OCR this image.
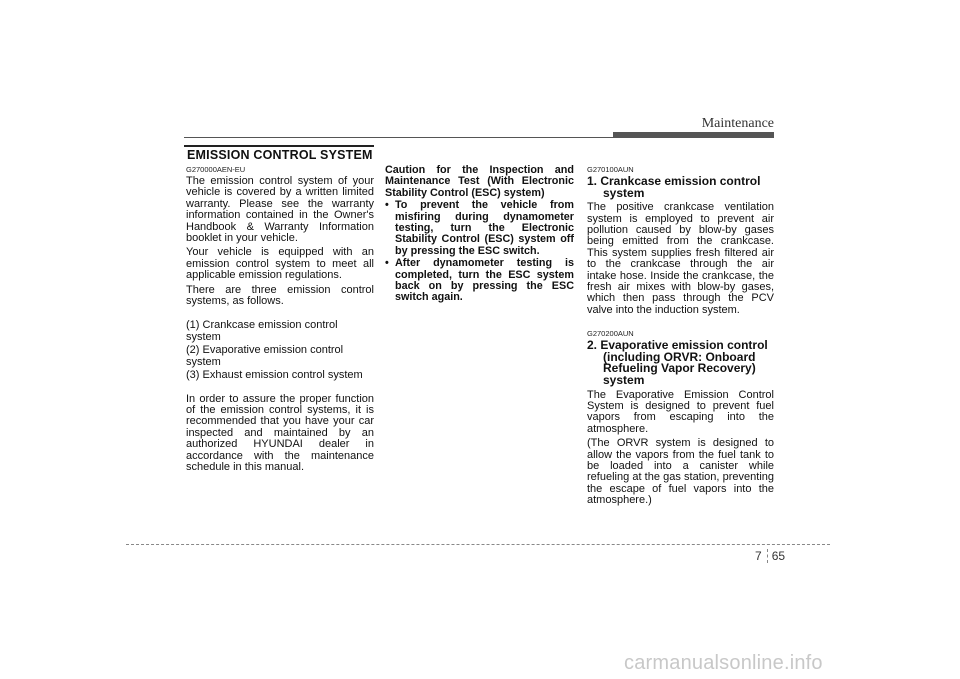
Maintenance
EMISSION CONTROL SYSTEM
G270000AEN-EU

The emission control system of your vehicle is covered by a written limited warranty. Please see the warranty information contained in the Owner's Handbook & Warranty Information booklet in your vehicle.

Your vehicle is equipped with an emission control system to meet all applicable emission regulations.

There are three emission control systems, as follows.

(1) Crankcase emission control system
(2) Evaporative emission control system
(3) Exhaust emission control system

In order to assure the proper function of the emission control systems, it is recommended that you have your car inspected and maintained by an authorized HYUNDAI dealer in accordance with the maintenance schedule in this manual.

Caution for the Inspection and Maintenance Test (With Electronic Stability Control (ESC) system)
• To prevent the vehicle from misfiring during dynamometer testing, turn the Electronic Stability Control (ESC) system off by pressing the ESC switch.
• After dynamometer testing is completed, turn the ESC system back on by pressing the ESC switch again.
G270100AUN
1. Crankcase emission control system

The positive crankcase ventilation system is employed to prevent air pollution caused by blow-by gases being emitted from the crankcase. This system supplies fresh filtered air to the crankcase through the air intake hose. Inside the crankcase, the fresh air mixes with blow-by gases, which then pass through the PCV valve into the induction system.

G270200AUN
2. Evaporative emission control (including ORVR: Onboard Refueling Vapor Recovery) system

The Evaporative Emission Control System is designed to prevent fuel vapors from escaping into the atmosphere.

(The ORVR system is designed to allow the vapors from the fuel tank to be loaded into a canister while refueling at the gas station, preventing the escape of fuel vapors into the atmosphere.)

7 65
carmanualsonline.info
